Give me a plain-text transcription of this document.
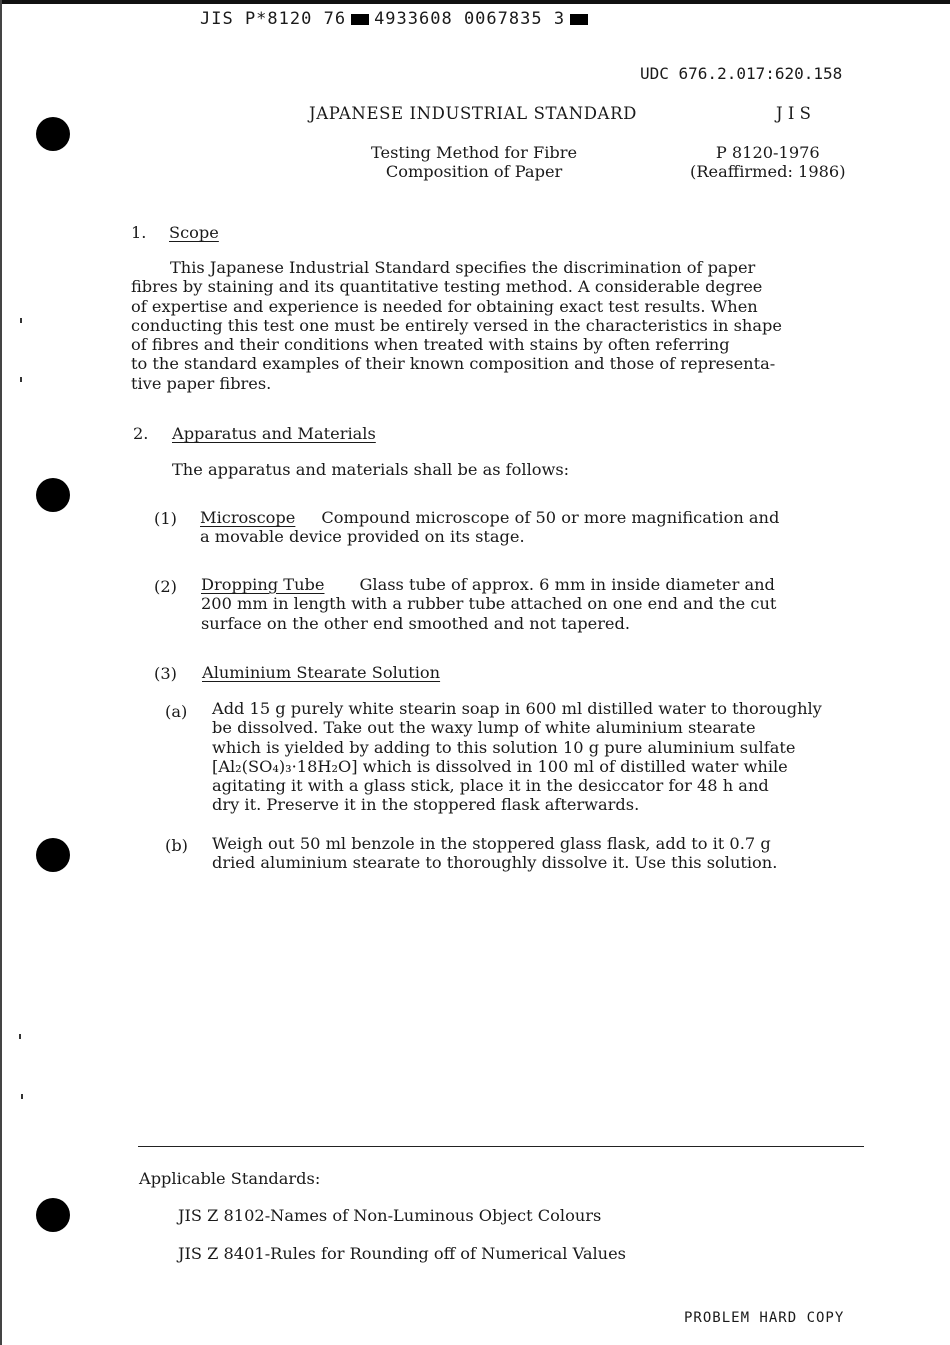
JIS P*8120 76 4933608 0067835 3
UDC 676.2.017:620.158
JAPANESE INDUSTRIAL STANDARD	J I S
Testing Method for Fibre
Composition of Paper
P 8120-1976
(Reaffirmed: 1986)
1. Scope
This Japanese Industrial Standard specifies the discrimination of paper
fibres by staining and its quantitative testing method. A considerable degree
of expertise and experience is needed for obtaining exact test results. When
conducting this test one must be entirely versed in the characteristics in shape
of fibres and their conditions when treated with stains by often referring
to the standard examples of their known composition and those of representa-
tive paper fibres.
2. Apparatus and Materials
The apparatus and materials shall be as follows:
(1) Microscope Compound microscope of 50 or more magnification and
a movable device provided on its stage.
(2) Dropping Tube Glass tube of approx. 6 mm in inside diameter and
200 mm in length with a rubber tube attached on one end and the cut
surface on the other end smoothed and not tapered.
(3) Aluminium Stearate Solution
(a) Add 15 g purely white stearin soap in 600 ml distilled water to thoroughly
be dissolved. Take out the waxy lump of white aluminium stearate
which is yielded by adding to this solution 10 g pure aluminium sulfate
[Al₂(SO₄)₃·18H₂O] which is dissolved in 100 ml of distilled water while
agitating it with a glass stick, place it in the desiccator for 48 h and
dry it. Preserve it in the stoppered flask afterwards.
(b) Weigh out 50 ml benzole in the stoppered glass flask, add to it 0.7 g
dried aluminium stearate to thoroughly dissolve it. Use this solution.
Applicable Standards:
JIS Z 8102-Names of Non-Luminous Object Colours
JIS Z 8401-Rules for Rounding off of Numerical Values
PROBLEM HARD COPY
